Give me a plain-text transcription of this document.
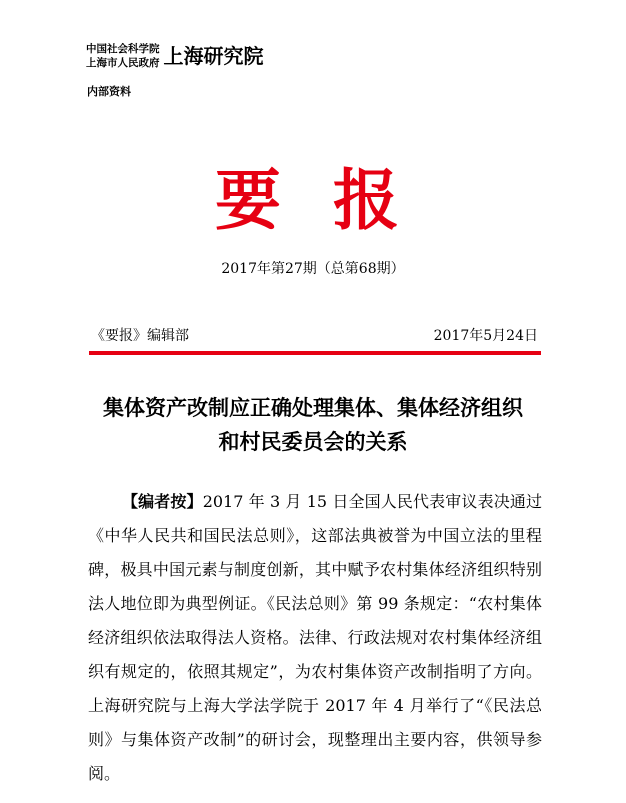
中国社会科学院
上海市人民政府 上海研究院
内部资料
要报
2017年第27期（总第68期）
《要报》编辑部	2017年5月24日
集体资产改制应正确处理集体、集体经济组织
和村民委员会的关系

【编者按】2017 年 3 月 15 日全国人民代表审议表决通过《中华人民共和国民法总则》，这部法典被誉为中国立法的里程碑，极具中国元素与制度创新，其中赋予农村集体经济组织特别法人地位即为典型例证。《民法总则》第 99 条规定：“农村集体经济组织依法取得法人资格。法律、行政法规对农村集体经济组织有规定的，依照其规定”，为农村集体资产改制指明了方向。上海研究院与上海大学法学院于 2017 年 4 月举行了“《民法总则》与集体资产改制”的研讨会，现整理出主要内容，供领导参阅。
